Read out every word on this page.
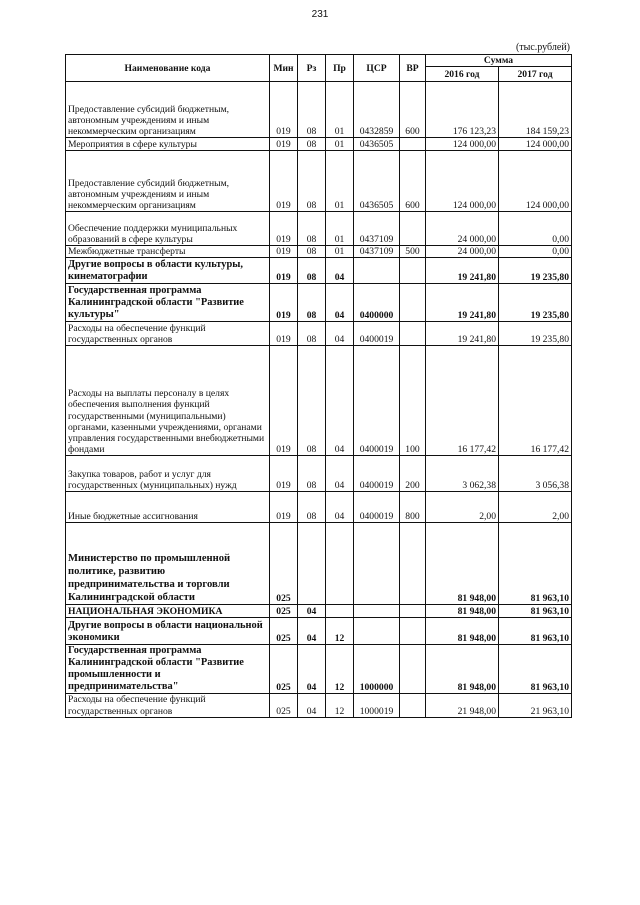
231
(тыс.рублей)
Наименование кода	Мин	Рз	Пр	ЦСР	ВР	Сумма	
						2016 год	2017 год
Предоставление субсидий бюджетным, автономным учреждениям и иным некоммерческим организациям	019	08	01	0432859	600	176 123,23	184 159,23
Мероприятия в сфере культуры	019	08	01	0436505		124 000,00	124 000,00
Предоставление субсидий бюджетным, автономным учреждениям и иным некоммерческим организациям	019	08	01	0436505	600	124 000,00	124 000,00
Обеспечение поддержки муниципальных образований в сфере культуры	019	08	01	0437109		24 000,00	0,00
Межбюджетные трансферты	019	08	01	0437109	500	24 000,00	0,00
Другие вопросы в области культуры, кинематографии	019	08	04			19 241,80	19 235,80
Государственная программа Калининградской области "Развитие культуры"	019	08	04	0400000		19 241,80	19 235,80
Расходы на обеспечение функций государственных органов	019	08	04	0400019		19 241,80	19 235,80
Расходы на выплаты персоналу в целях обеспечения выполнения функций государственными (муниципальными) органами, казенными учреждениями, органами управления государственными внебюджетными фондами	019	08	04	0400019	100	16 177,42	16 177,42
Закупка товаров, работ и услуг для государственных (муниципальных) нужд	019	08	04	0400019	200	3 062,38	3 056,38
Иные бюджетные ассигнования	019	08	04	0400019	800	2,00	2,00
Министерство по промышленной политике, развитию предпринимательства и торговли Калининградской области	025					81 948,00	81 963,10
НАЦИОНАЛЬНАЯ ЭКОНОМИКА	025	04				81 948,00	81 963,10
Другие вопросы в области национальной экономики	025	04	12			81 948,00	81 963,10
Государственная программа Калининградской области "Развитие промышленности и предпринимательства"	025	04	12	1000000		81 948,00	81 963,10
Расходы на обеспечение функций государственных органов	025	04	12	1000019		21 948,00	21 963,10
